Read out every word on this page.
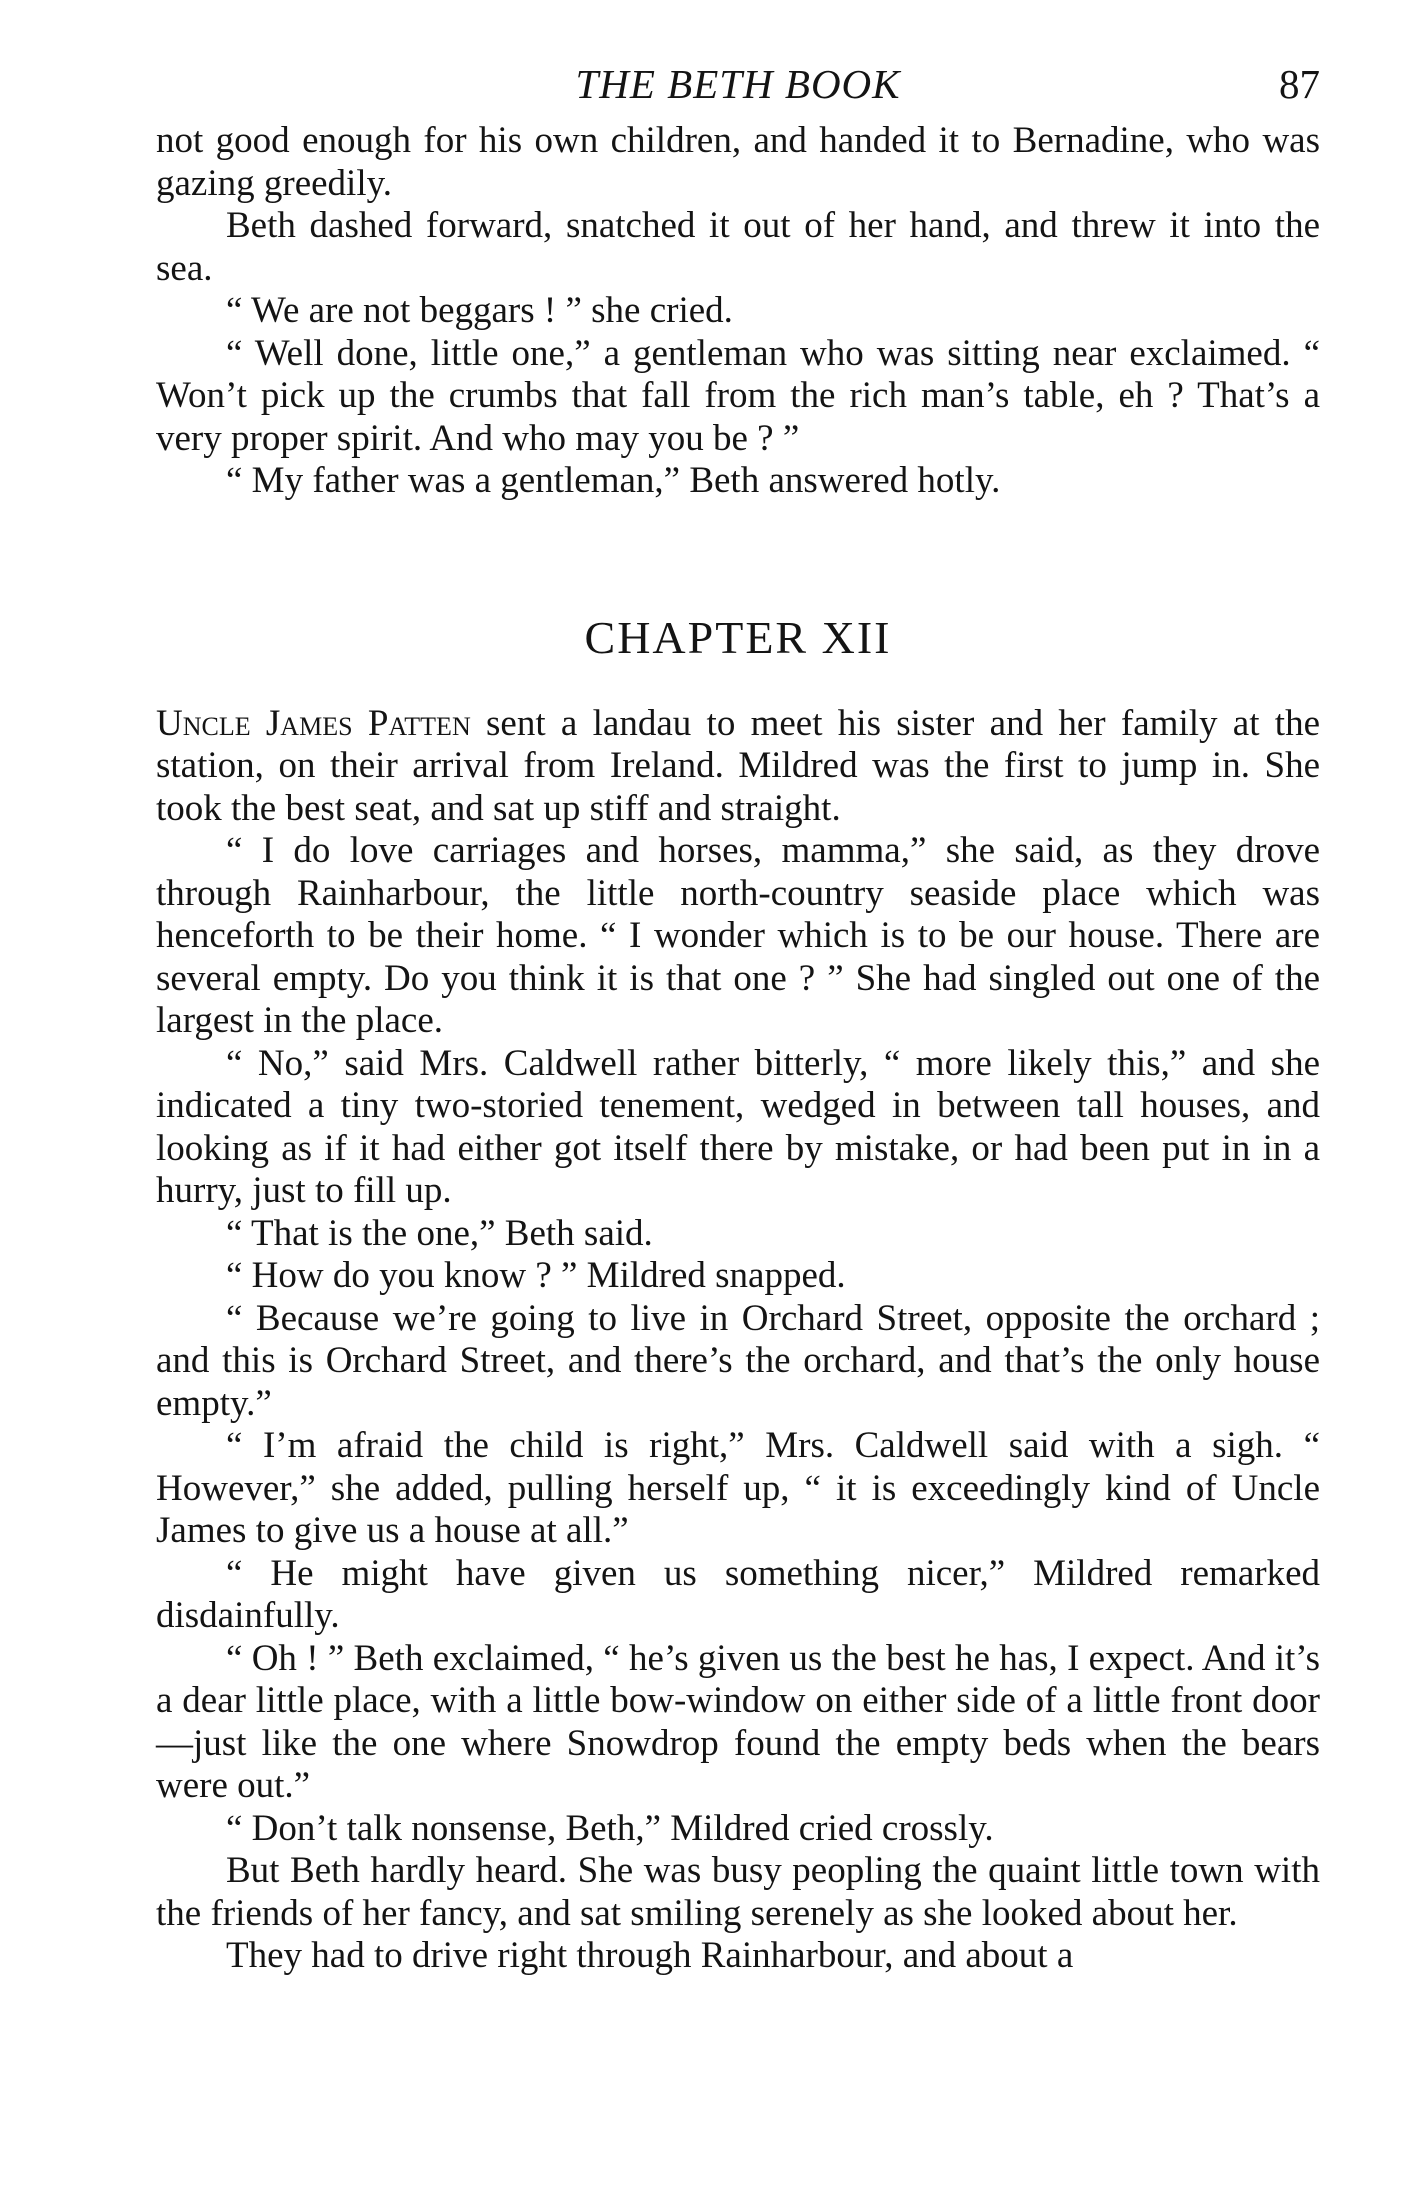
THE BETH BOOK	87

not good enough for his own children, and handed it to Bernadine, who was gazing greedily.

Beth dashed forward, snatched it out of her hand, and threw it into the sea.

“ We are not beggars ! ” she cried.

“ Well done, little one,” a gentleman who was sitting near exclaimed. “ Won’t pick up the crumbs that fall from the rich man’s table, eh ? That’s a very proper spirit. And who may you be ? ”

“ My father was a gentleman,” Beth answered hotly.

CHAPTER XII

Uncle James Patten sent a landau to meet his sister and her family at the station, on their arrival from Ireland. Mildred was the first to jump in. She took the best seat, and sat up stiff and straight.

“ I do love carriages and horses, mamma,” she said, as they drove through Rainharbour, the little north-country seaside place which was henceforth to be their home. “ I wonder which is to be our house. There are several empty. Do you think it is that one ? ” She had singled out one of the largest in the place.

“ No,” said Mrs. Caldwell rather bitterly, “ more likely this,” and she indicated a tiny two-storied tenement, wedged in between tall houses, and looking as if it had either got itself there by mistake, or had been put in in a hurry, just to fill up.

“ That is the one,” Beth said.

“ How do you know ? ” Mildred snapped.

“ Because we’re going to live in Orchard Street, opposite the orchard ; and this is Orchard Street, and there’s the orchard, and that’s the only house empty.”

“ I’m afraid the child is right,” Mrs. Caldwell said with a sigh. “ However,” she added, pulling herself up, “ it is exceedingly kind of Uncle James to give us a house at all.”

“ He might have given us something nicer,” Mildred remarked disdainfully.

“ Oh ! ” Beth exclaimed, “ he’s given us the best he has, I expect. And it’s a dear little place, with a little bow-window on either side of a little front door—just like the one where Snowdrop found the empty beds when the bears were out.”

“ Don’t talk nonsense, Beth,” Mildred cried crossly.

But Beth hardly heard. She was busy peopling the quaint little town with the friends of her fancy, and sat smiling serenely as she looked about her.

They had to drive right through Rainharbour, and about a
